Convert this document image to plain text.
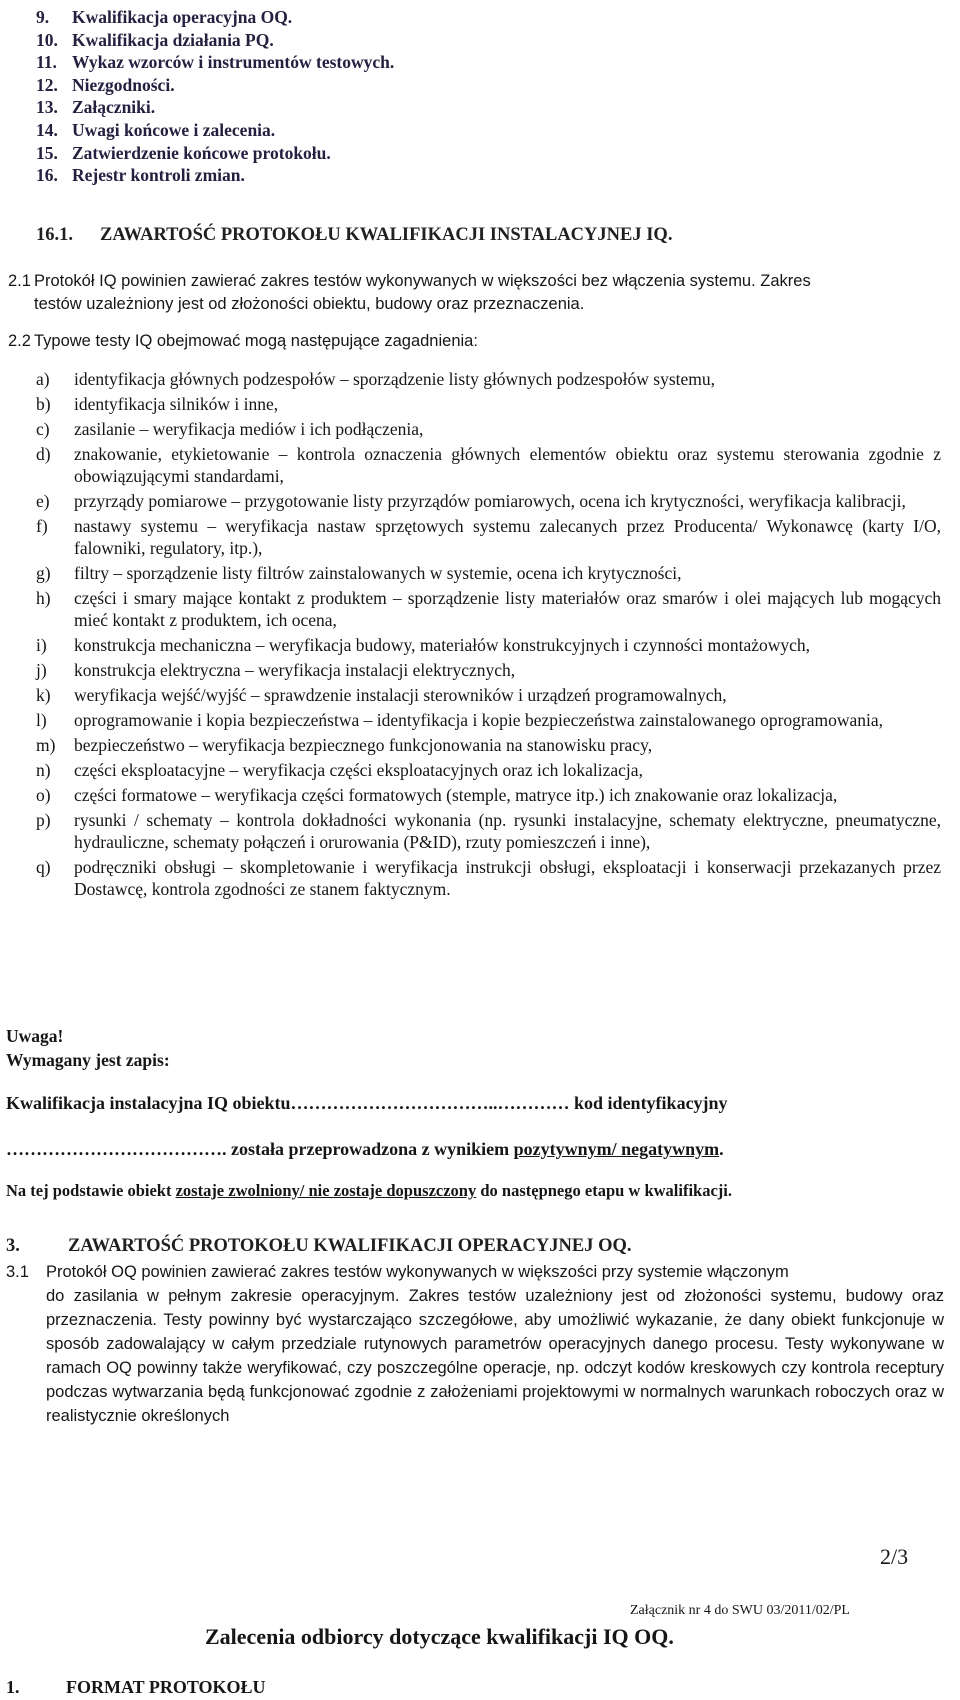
9.	Kwalifikacja operacyjna OQ.
10. Kwalifikacja działania PQ.
11. Wykaz wzorców i instrumentów testowych.
12. Niezgodności.
13. Załączniki.
14. Uwagi końcowe i zalecenia.
15. Zatwierdzenie końcowe protokołu.
16. Rejestr kontroli zmian.
16.1. ZAWARTOŚĆ PROTOKOŁU KWALIFIKACJI INSTALACYJNEJ IQ.
2.1 Protokół IQ powinien zawierać zakres testów wykonywanych w większości bez włączenia systemu. Zakres
testów uzależniony jest od złożoności obiektu, budowy oraz przeznaczenia.
2.2 Typowe testy IQ obejmować mogą następujące zagadnienia:
a)	identyfikacja głównych podzespołów – sporządzenie listy głównych podzespołów systemu,
b)	identyfikacja silników i inne,
c)	zasilanie – weryfikacja mediów i ich podłączenia,
d)	znakowanie, etykietowanie – kontrola oznaczenia głównych elementów obiektu oraz systemu sterowania zgodnie z obowiązującymi standardami,
e)	przyrządy pomiarowe – przygotowanie listy przyrządów pomiarowych, ocena ich krytyczności, weryfikacja kalibracji,
f)	nastawy systemu – weryfikacja nastaw sprzętowych systemu zalecanych przez Producenta/ Wykonawcę (karty I/O, falowniki, regulatory, itp.),
g)	filtry – sporządzenie listy filtrów zainstalowanych w systemie, ocena ich krytyczności,
h)	części i smary mające kontakt z produktem – sporządzenie listy materiałów oraz smarów i olei mających lub mogących mieć kontakt z produktem, ich ocena,
i)	konstrukcja mechaniczna – weryfikacja budowy, materiałów konstrukcyjnych i czynności montażowych,
j)	konstrukcja elektryczna – weryfikacja instalacji elektrycznych,
k)	weryfikacja wejść/wyjść – sprawdzenie instalacji sterowników i urządzeń programowalnych,
l)	oprogramowanie i kopia bezpieczeństwa – identyfikacja i kopie bezpieczeństwa zainstalowanego oprogramowania,
m)	bezpieczeństwo – weryfikacja bezpiecznego funkcjonowania na stanowisku pracy,
n)	części eksploatacyjne – weryfikacja części eksploatacyjnych oraz ich lokalizacja,
o)	części formatowe – weryfikacja części formatowych (stemple, matryce itp.) ich znakowanie oraz lokalizacja,
p)	rysunki / schematy – kontrola dokładności wykonania (np. rysunki instalacyjne, schematy elektryczne, pneumatyczne, hydrauliczne, schematy połączeń i orurowania (P&ID), rzuty pomieszczeń i inne),
q)	podręczniki obsługi – skompletowanie i weryfikacja instrukcji obsługi, eksploatacji i konserwacji przekazanych przez Dostawcę, kontrola zgodności ze stanem faktycznym.
Uwaga!
Wymagany jest zapis:
Kwalifikacja instalacyjna IQ obiektu……………………………..………… kod identyfikacyjny
………………………………. została przeprowadzona z wynikiem pozytywnym/ negatywnym.
Na tej podstawie obiekt zostaje zwolniony/ nie zostaje dopuszczony do następnego etapu w kwalifikacji.
3.	ZAWARTOŚĆ PROTOKOŁU KWALIFIKACJI OPERACYJNEJ OQ.
3.1 Protokół OQ powinien zawierać zakres testów wykonywanych w większości przy systemie włączonym
do zasilania w pełnym zakresie operacyjnym. Zakres testów uzależniony jest od złożoności systemu, budowy oraz przeznaczenia. Testy powinny być wystarczająco szczegółowe, aby umożliwić wykazanie, że dany obiekt funkcjonuje w sposób zadowalający w całym przedziale rutynowych parametrów operacyjnych danego procesu. Testy wykonywane w ramach OQ powinny także weryfikować, czy poszczególne operacje, np. odczyt kodów kreskowych czy kontrola receptury podczas wytwarzania będą funkcjonować zgodnie z założeniami projektowymi w normalnych warunkach roboczych oraz w realistycznie określonych
2/3
Załącznik nr 4 do SWU 03/2011/02/PL
Zalecenia odbiorcy dotyczące kwalifikacji IQ OQ.
1.	FORMAT PROTOKOŁU
